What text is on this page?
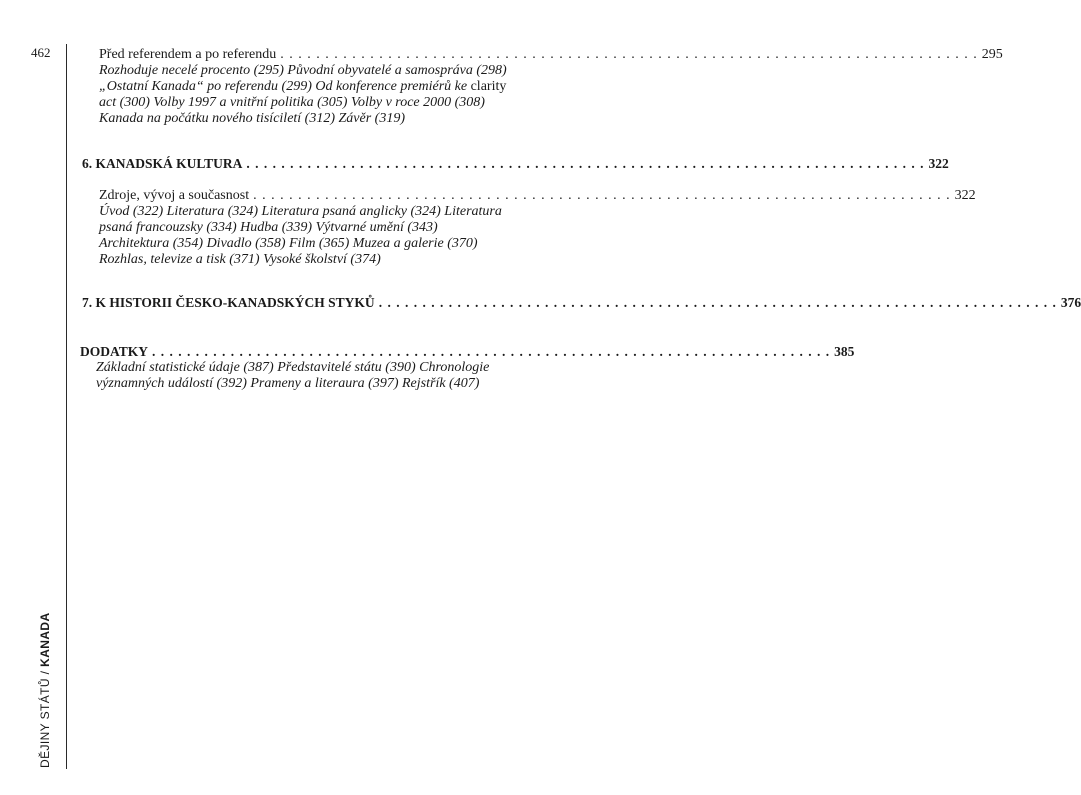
462	Před referendem a po referendu . . . . . . . . . . . . . . . . . . . . . . . . . . . . . . . . . . . . . . . . . . . . . . . . . . . . . . . . . . . . . . . . . . . . . . . . . . . . . . 295
Rozhoduje necelé procento (295) Původní obyvatelé a samospráva (298)
„Ostatní Kanada“ po referendu (299) Od konference premiérů ke clarity
act (300) Volby 1997 a vnitřní politika (305) Volby v roce 2000 (308)
Kanada na počátku nového tisíciletí (312) Závěr (319)
6. KANADSKÁ KULTURA . . . . . . . . . . . . . . . . . . . . . . . . . . . . . . . . . . . . . . . . . . . . . . . . . . . . . . . . . . . . . . . . . . . . . . . . . . . . . . 322
Zdroje, vývoj a současnost . . . . . . . . . . . . . . . . . . . . . . . . . . . . . . . . . . . . . . . . . . . . . . . . . . . . . . . . . . . . . . . . . . . . . . . . . . . . . . 322
Úvod (322) Literatura (324) Literatura psaná anglicky (324) Literatura
psaná francouzsky (334) Hudba (339) Výtvarné umění (343)
Architektura (354) Divadlo (358) Film (365) Muzea a galerie (370)
Rozhlas, televize a tisk (371) Vysoké školství (374)
7. K HISTORII ČESKO-KANADSKÝCH STYKŮ . . . . . . . . . . . . . . . . . . . . . . . . . . . . . . . . . . . . . . . . . . . . . . . . . . . . . . . . . . . . . . . . . . . . . . . . . . . . . . 376
DODATKY . . . . . . . . . . . . . . . . . . . . . . . . . . . . . . . . . . . . . . . . . . . . . . . . . . . . . . . . . . . . . . . . . . . . . . . . . . . . . . 385
Základní statistické údaje (387) Představitelé státu (390) Chronologie
významných událostí (392) Prameny a literaura (397) Rejstřík (407)
DĚJINY STÁTŮ / KANADA
